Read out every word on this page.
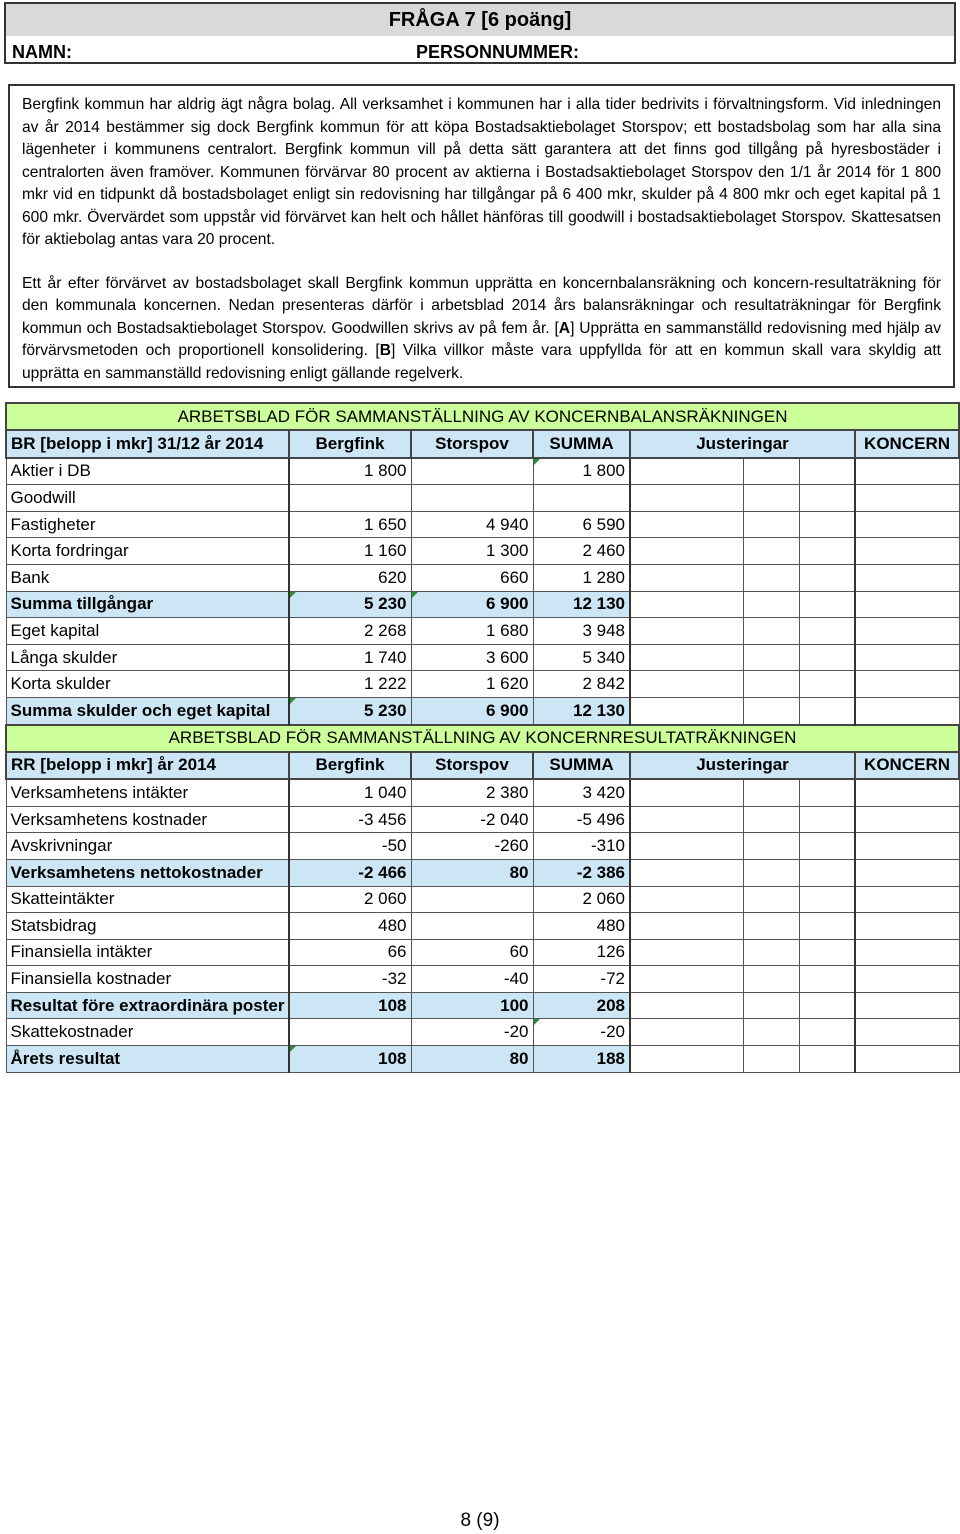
FRÅGA 7 [6 poäng]
NAMN:	PERSONNUMMER:

Bergfink kommun har aldrig ägt några bolag. All verksamhet i kommunen har i alla tider bedrivits i förvaltningsform. Vid inledningen av år 2014 bestämmer sig dock Bergfink kommun för att köpa Bostadsaktiebolaget Storspov; ett bostadsbolag som har alla sina lägenheter i kommunens centralort. Bergfink kommun vill på detta sätt garantera att det finns god tillgång på hyresbostäder i centralorten även framöver. Kommunen förvärvar 80 procent av aktierna i Bostadsaktiebolaget Storspov den 1/1 år 2014 för 1 800 mkr vid en tidpunkt då bostadsbolaget enligt sin redovisning har tillgångar på 6 400 mkr, skulder på 4 800 mkr och eget kapital på 1 600 mkr. Övervärdet som uppstår vid förvärvet kan helt och hållet hänföras till goodwill i bostadsaktiebolaget Storspov. Skattesatsen för aktiebolag antas vara 20 procent.

Ett år efter förvärvet av bostadsbolaget skall Bergfink kommun upprätta en koncernbalansräkning och koncern-resultaträkning för den kommunala koncernen. Nedan presenteras därför i arbetsblad 2014 års balansräkningar och resultaträkningar för Bergfink kommun och Bostadsaktiebolaget Storspov. Goodwillen skrivs av på fem år. [A] Upprätta en sammanställd redovisning med hjälp av förvärvsmetoden och proportionell konsolidering. [B] Vilka villkor måste vara uppfyllda för att en kommun skall vara skyldig att upprätta en sammanställd redovisning enligt gällande regelverk.

ARBETSBLAD FÖR SAMMANSTÄLLNING AV KONCERNBALANSRÄKNINGEN							
BR [belopp i mkr] 31/12 år 2014	Bergfink	Storspov	SUMMA	Justeringar			KONCERN
Aktier i DB	1 800		1 800				
Goodwill							
Fastigheter	1 650	4 940	6 590				
Korta fordringar	1 160	1 300	2 460				
Bank	620	660	1 280				
Summa tillgångar	5 230	6 900	12 130				
Eget kapital	2 268	1 680	3 948				
Långa skulder	1 740	3 600	5 340				
Korta skulder	1 222	1 620	2 842				
Summa skulder och eget kapital	5 230	6 900	12 130				
ARBETSBLAD FÖR SAMMANSTÄLLNING AV KONCERNRESULTATRÄKNINGEN							
RR [belopp i mkr] år 2014	Bergfink	Storspov	SUMMA	Justeringar			KONCERN
Verksamhetens intäkter	1 040	2 380	3 420				
Verksamhetens kostnader	-3 456	-2 040	-5 496				
Avskrivningar	-50	-260	-310				
Verksamhetens nettokostnader	-2 466	80	-2 386				
Skatteintäkter	2 060		2 060				
Statsbidrag	480		480				
Finansiella intäkter	66	60	126				
Finansiella kostnader	-32	-40	-72				
Resultat före extraordinära poster	108	100	208				
Skattekostnader		-20	-20				
Årets resultat	108	80	188				
8 (9)
